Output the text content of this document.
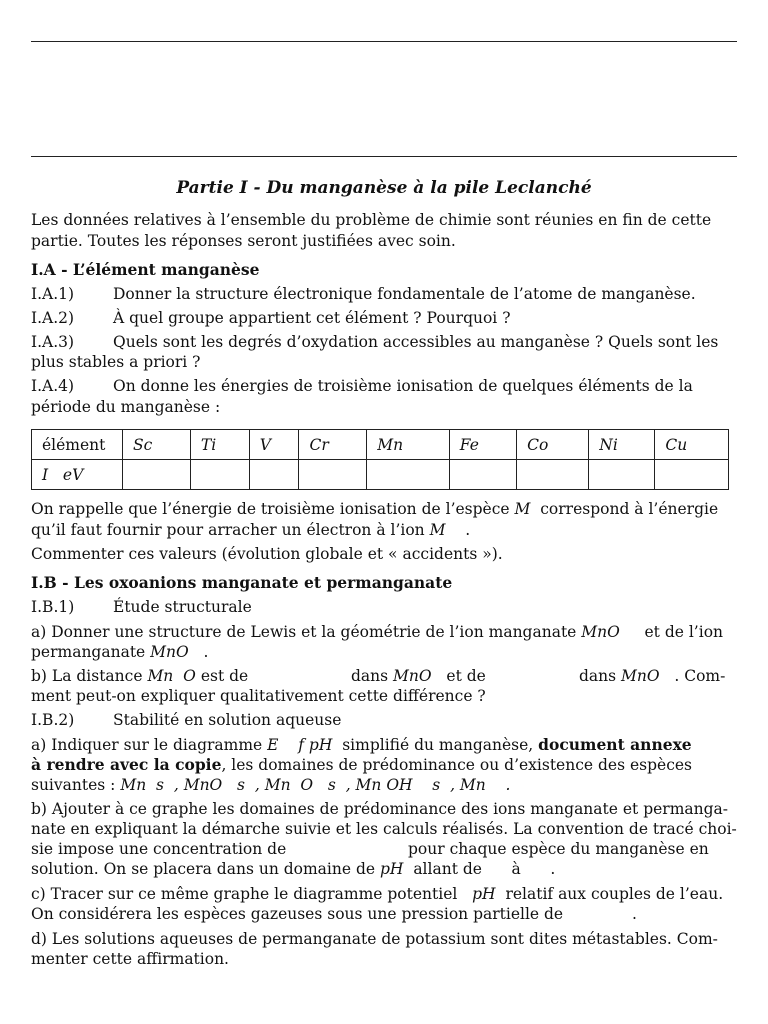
Partie I - Du manganèse à la pile Leclanché
Les données relatives à l’ensemble du problème de chimie sont réunies en fin de cette
partie. Toutes les réponses seront justifiées avec soin.
I.A - L’élément manganèse
I.A.1)	Donner la structure électronique fondamentale de l’atome de manganèse.
I.A.2)	À quel groupe appartient cet élément ? Pourquoi ?
I.A.3)	Quels sont les degrés d’oxydation accessibles au manganèse ? Quels sont les
plus stables a priori ?
I.A.4)	On donne les énergies de troisième ionisation de quelques éléments de la
période du manganèse :
élément	Sc	Ti	V	Cr	Mn	Fe	Co	Ni	Cu
I eV									
On rappelle que l’énergie de troisième ionisation de l’espèce M correspond à l’énergie
qu’il faut fournir pour arracher un électron à l’ion M .
Commenter ces valeurs (évolution globale et « accidents »).
I.B - Les oxoanions manganate et permanganate
I.B.1) Étude structurale
a) Donner une structure de Lewis et la géométrie de l’ion manganate MnO et de l’ion
permanganate MnO .
b) La distance Mn O est de	dans MnO et de	dans MnO . Com-
ment peut-on expliquer qualitativement cette différence ?
I.B.2) Stabilité en solution aqueuse
a) Indiquer sur le diagramme E f pH simplifié du manganèse, document annexe
à rendre avec la copie, les domaines de prédominance ou d’existence des espèces
suivantes : Mn  s  , MnO   s  , Mn  O   s  , Mn OH    s  , Mn    .
b) Ajouter à ce graphe les domaines de prédominance des ions manganate et permanga-
nate en expliquant la démarche suivie et les calculs réalisés. La convention de tracé choi-
sie impose une concentration de	pour chaque espèce du manganèse en
solution. On se placera dans un domaine de pH allant de à .
c) Tracer sur ce même graphe le diagramme potentiel pH relatif aux couples de l’eau.
On considérera les espèces gazeuses sous une pression partielle de	.
d) Les solutions aqueuses de permanganate de potassium sont dites métastables. Com-
menter cette affirmation.
